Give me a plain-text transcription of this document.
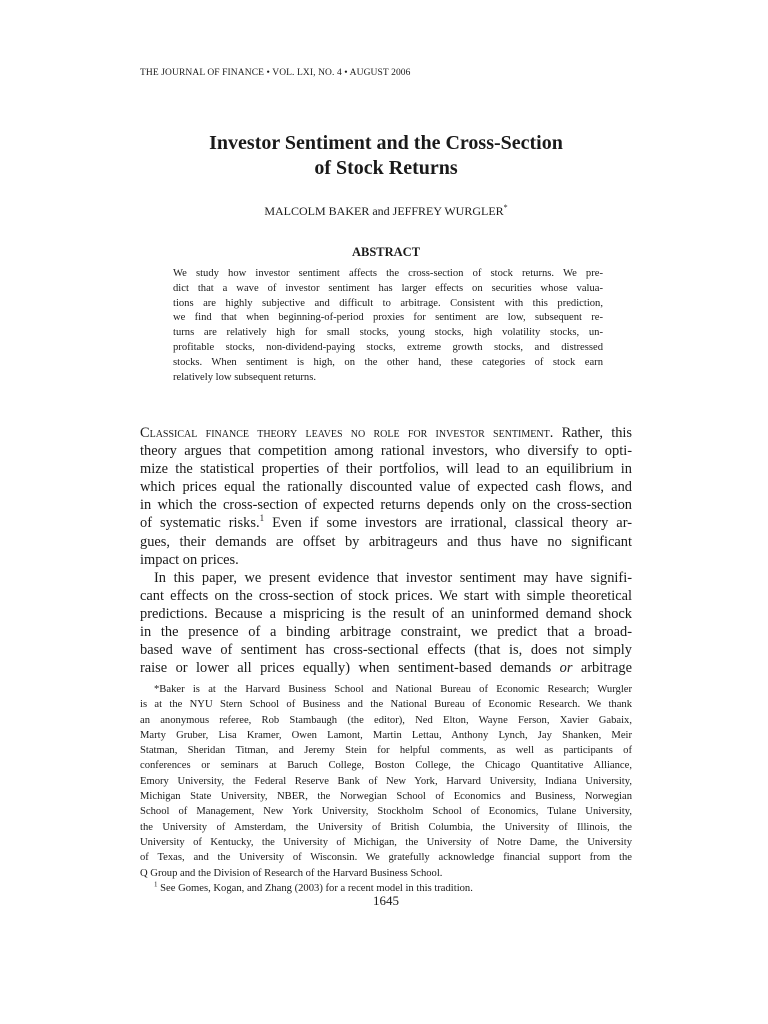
THE JOURNAL OF FINANCE • VOL. LXI, NO. 4 • AUGUST 2006
Investor Sentiment and the Cross-Section
of Stock Returns
MALCOLM BAKER and JEFFREY WURGLER*
ABSTRACT
We study how investor sentiment affects the cross-section of stock returns. We pre-
dict that a wave of investor sentiment has larger effects on securities whose valua-
tions are highly subjective and difficult to arbitrage. Consistent with this prediction,
we find that when beginning-of-period proxies for sentiment are low, subsequent re-
turns are relatively high for small stocks, young stocks, high volatility stocks, un-
profitable stocks, non-dividend-paying stocks, extreme growth stocks, and distressed
stocks. When sentiment is high, on the other hand, these categories of stock earn
relatively low subsequent returns.
Classical finance theory leaves no role for investor sentiment. Rather, this
theory argues that competition among rational investors, who diversify to opti-
mize the statistical properties of their portfolios, will lead to an equilibrium in
which prices equal the rationally discounted value of expected cash flows, and
in which the cross-section of expected returns depends only on the cross-section
of systematic risks.$^1$ Even if some investors are irrational, classical theory ar-
gues, their demands are offset by arbitrageurs and thus have no significant
impact on prices.
In this paper, we present evidence that investor sentiment may have signifi-
cant effects on the cross-section of stock prices. We start with simple theoretical
predictions. Because a mispricing is the result of an uninformed demand shock
in the presence of a binding arbitrage constraint, we predict that a broad-
based wave of sentiment has cross-sectional effects (that is, does not simply
raise or lower all prices equally) when sentiment-based demands or arbitrage
*Baker is at the Harvard Business School and National Bureau of Economic Research; Wurgler
is at the NYU Stern School of Business and the National Bureau of Economic Research. We thank
an anonymous referee, Rob Stambaugh (the editor), Ned Elton, Wayne Ferson, Xavier Gabaix,
Marty Gruber, Lisa Kramer, Owen Lamont, Martin Lettau, Anthony Lynch, Jay Shanken, Meir
Statman, Sheridan Titman, and Jeremy Stein for helpful comments, as well as participants of
conferences or seminars at Baruch College, Boston College, the Chicago Quantitative Alliance,
Emory University, the Federal Reserve Bank of New York, Harvard University, Indiana University,
Michigan State University, NBER, the Norwegian School of Economics and Business, Norwegian
School of Management, New York University, Stockholm School of Economics, Tulane University,
the University of Amsterdam, the University of British Columbia, the University of Illinois, the
University of Kentucky, the University of Michigan, the University of Notre Dame, the University
of Texas, and the University of Wisconsin. We gratefully acknowledge financial support from the
Q Group and the Division of Research of the Harvard Business School.
$^1$ See Gomes, Kogan, and Zhang (2003) for a recent model in this tradition.
1645
